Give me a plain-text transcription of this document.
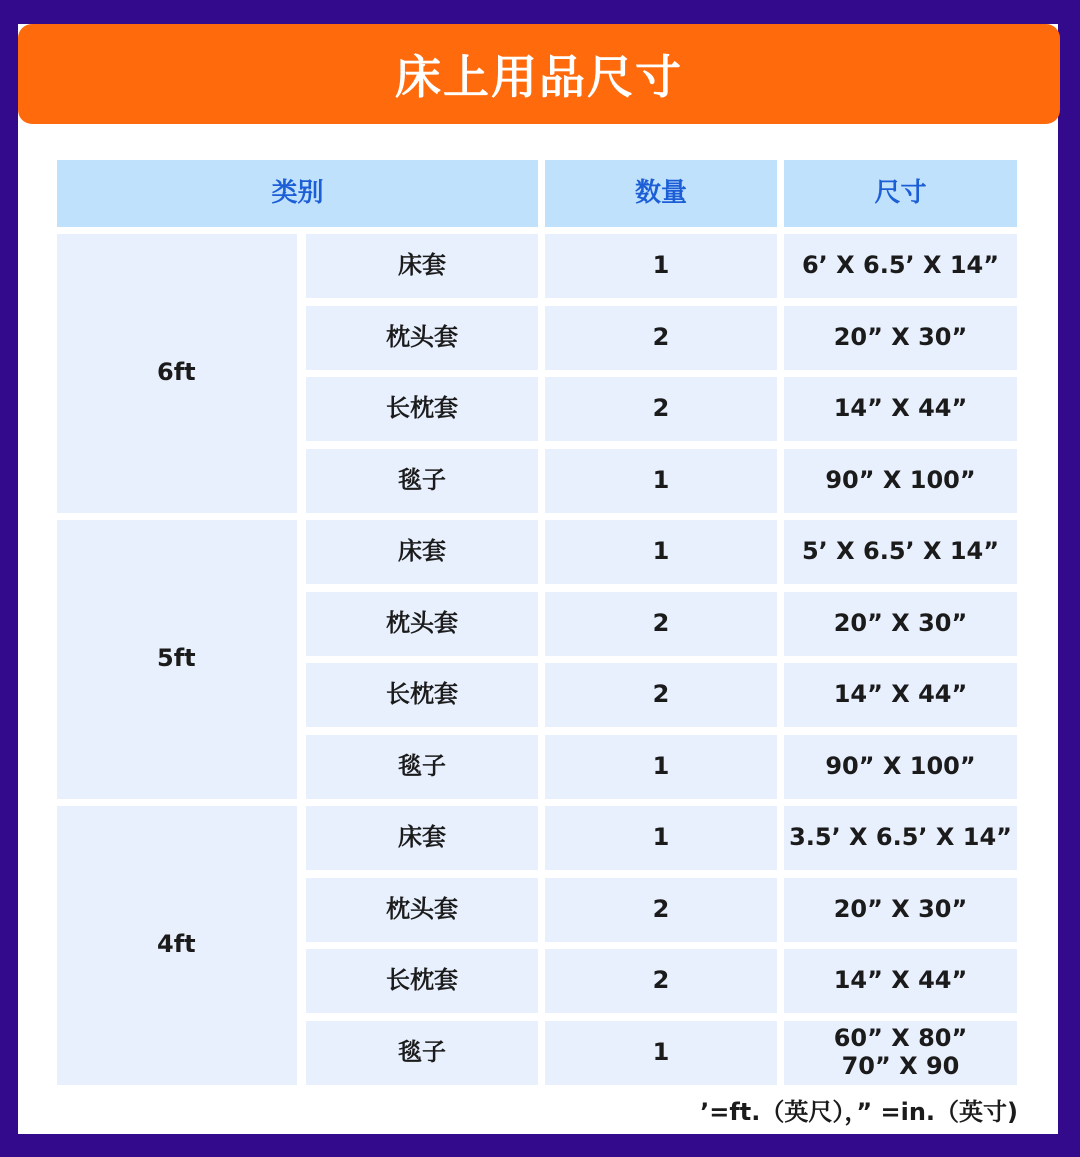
床上用品尺寸
类别	数量	尺寸
6ft
床套	1	6’ X 6.5’ X 14”
枕头套	2	20” X 30”
长枕套	2	14” X 44”
毯子	1	90” X 100”
5ft
床套	1	5’ X 6.5’ X 14”
枕头套	2	20” X 30”
长枕套	2	14” X 44”
毯子	1	90” X 100”
4ft
床套	1	3.5’ X 6.5’ X 14”
枕头套	2	20” X 30”
长枕套	2	14” X 44”
毯子	1	60” X 80”
70” X 90
’=ft.（英尺），” =in.（英寸)
